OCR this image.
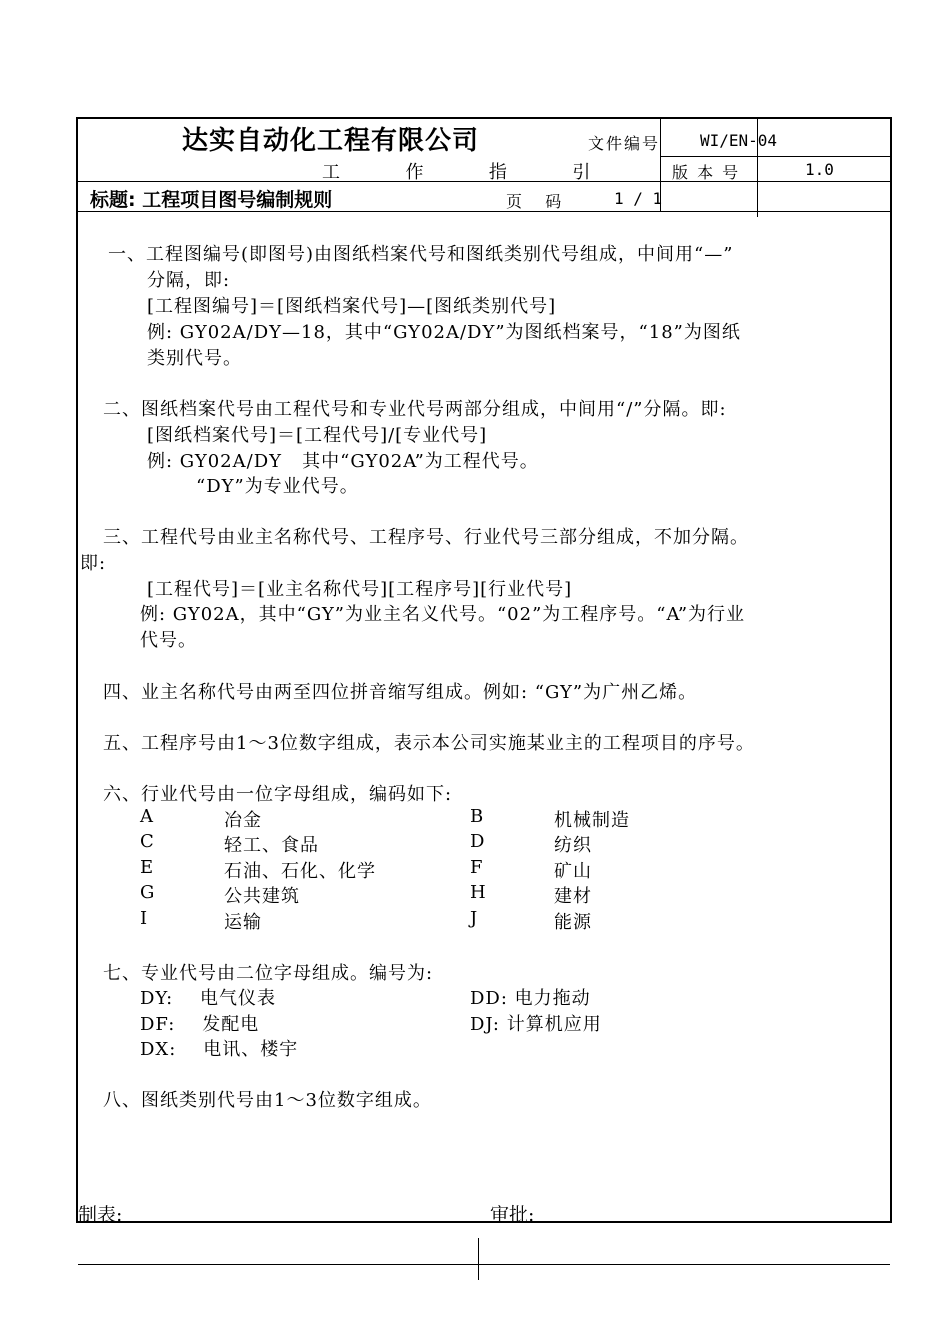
达实自动化工程有限公司	文件编号 WI/EN-04
工  作  指  引	版 本 号	1.0
标题: 工程项目图号编制规则	页   码	1 / 1
一、工程图编号(即图号)由图纸档案代号和图纸类别代号组成，中间用“—”
分隔，即:
[工程图编号]＝[图纸档案代号]—[图纸类别代号]
例: GY02A/DY—18，其中“GY02A/DY”为图纸档案号，“18”为图纸
类别代号。
二、图纸档案代号由工程代号和专业代号两部分组成，中间用“/”分隔。即:
[图纸档案代号]＝[工程代号]/[专业代号]
例: GY02A/DY   其中“GY02A”为工程代号。
“DY”为专业代号。
三、工程代号由业主名称代号、工程序号、行业代号三部分组成，不加分隔。
即:
[工程代号]＝[业主名称代号][工程序号][行业代号]
例: GY02A，其中“GY”为业主名义代号。“02”为工程序号。“A”为行业
代号。
四、业主名称代号由两至四位拼音缩写组成。例如: “GY”为广州乙烯。
五、工程序号由1～3位数字组成，表示本公司实施某业主的工程项目的序号。
六、行业代号由一位字母组成，编码如下:
A	冶金	B	机械制造
C	轻工、食品	D	纺织
E	石油、石化、化学	F	矿山
G	公共建筑	H	建材
I	运输	J	能源
七、专业代号由二位字母组成。编号为:
DY:    电气仪表	DD: 电力拖动
DF:    发配电	DJ: 计算机应用
DX:    电讯、楼宇
八、图纸类别代号由1～3位数字组成。
制表:	审批:
